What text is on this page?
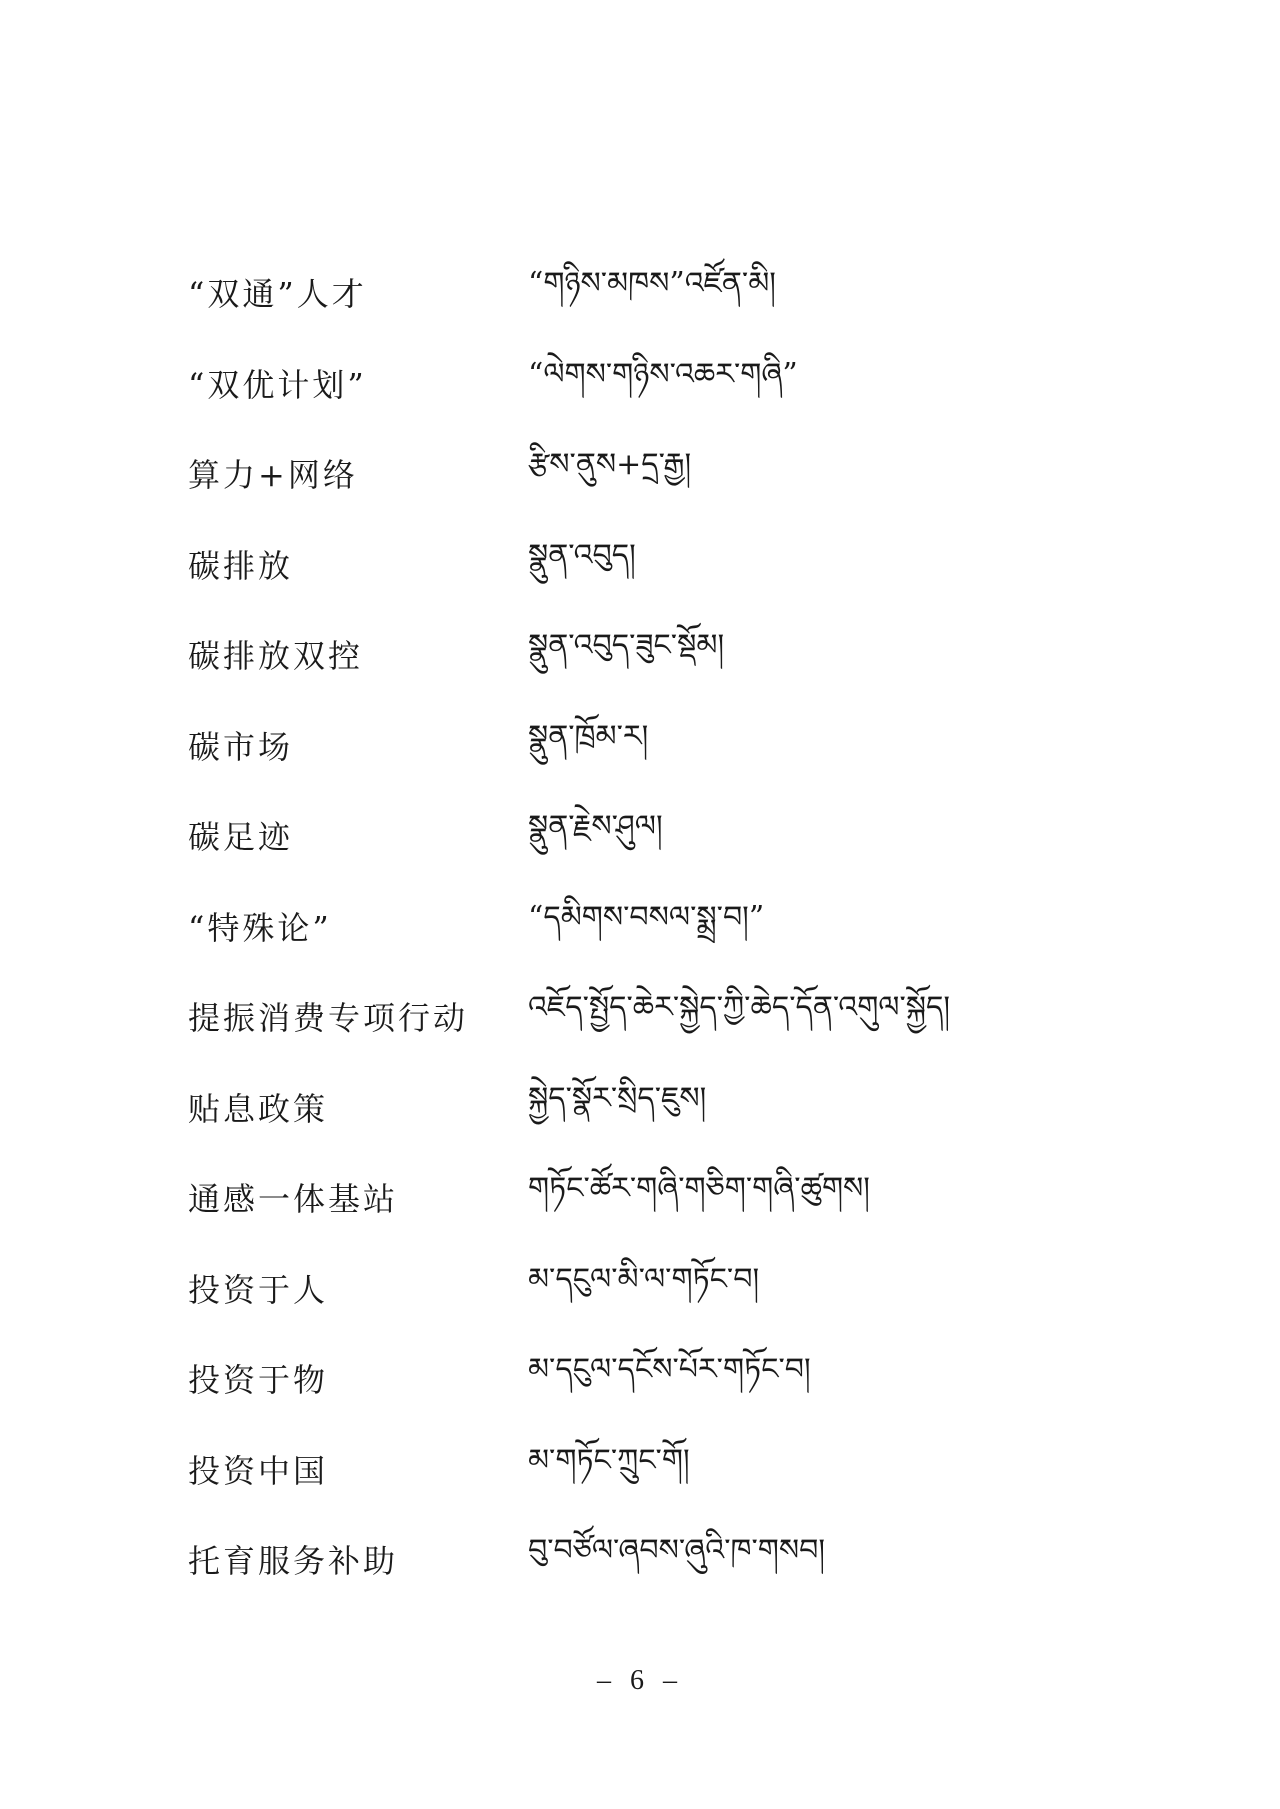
“双通”人才	“གཉིས་མཁས”འཛོན་མི།
“双优计划”	“ལེགས་གཉིས་འཆར་གཞི”
算力+网络	རྩིས་ནུས+དྲ་རྒྱ།
碳排放	སྣུན་འབུད།
碳排放双控	སྣུན་འབུད་ཟུང་སྡོམ།
碳市场	སྣུན་ཁྲོམ་ར།
碳足迹	སྣུན་རྗེས་ཤུལ།
“特殊论”	“དམིགས་བསལ་སྨྲ་བ།”
提振消费专项行动	འཇོད་སྤྱོད་ཆེར་སྐྱེད་ཀྱི་ཆེད་དོན་འགུལ་སྐྱོད།
贴息政策	སྐྱེད་སྣོར་སྲིད་ཇུས།
通感一体基站	གཏོང་ཚོར་གཞི་གཅིག་གཞི་ཚུགས།
投资于人	མ་དངུལ་མི་ལ་གཏོང་བ།
投资于物	མ་དངུལ་དངོས་པོར་གཏོང་བ།
投资中国	མ་གཏོང་ཀྲུང་གོ།
托育服务补助	བུ་བཙོལ་ཞབས་ཞུའི་ཁ་གསབ།
– 6 –
